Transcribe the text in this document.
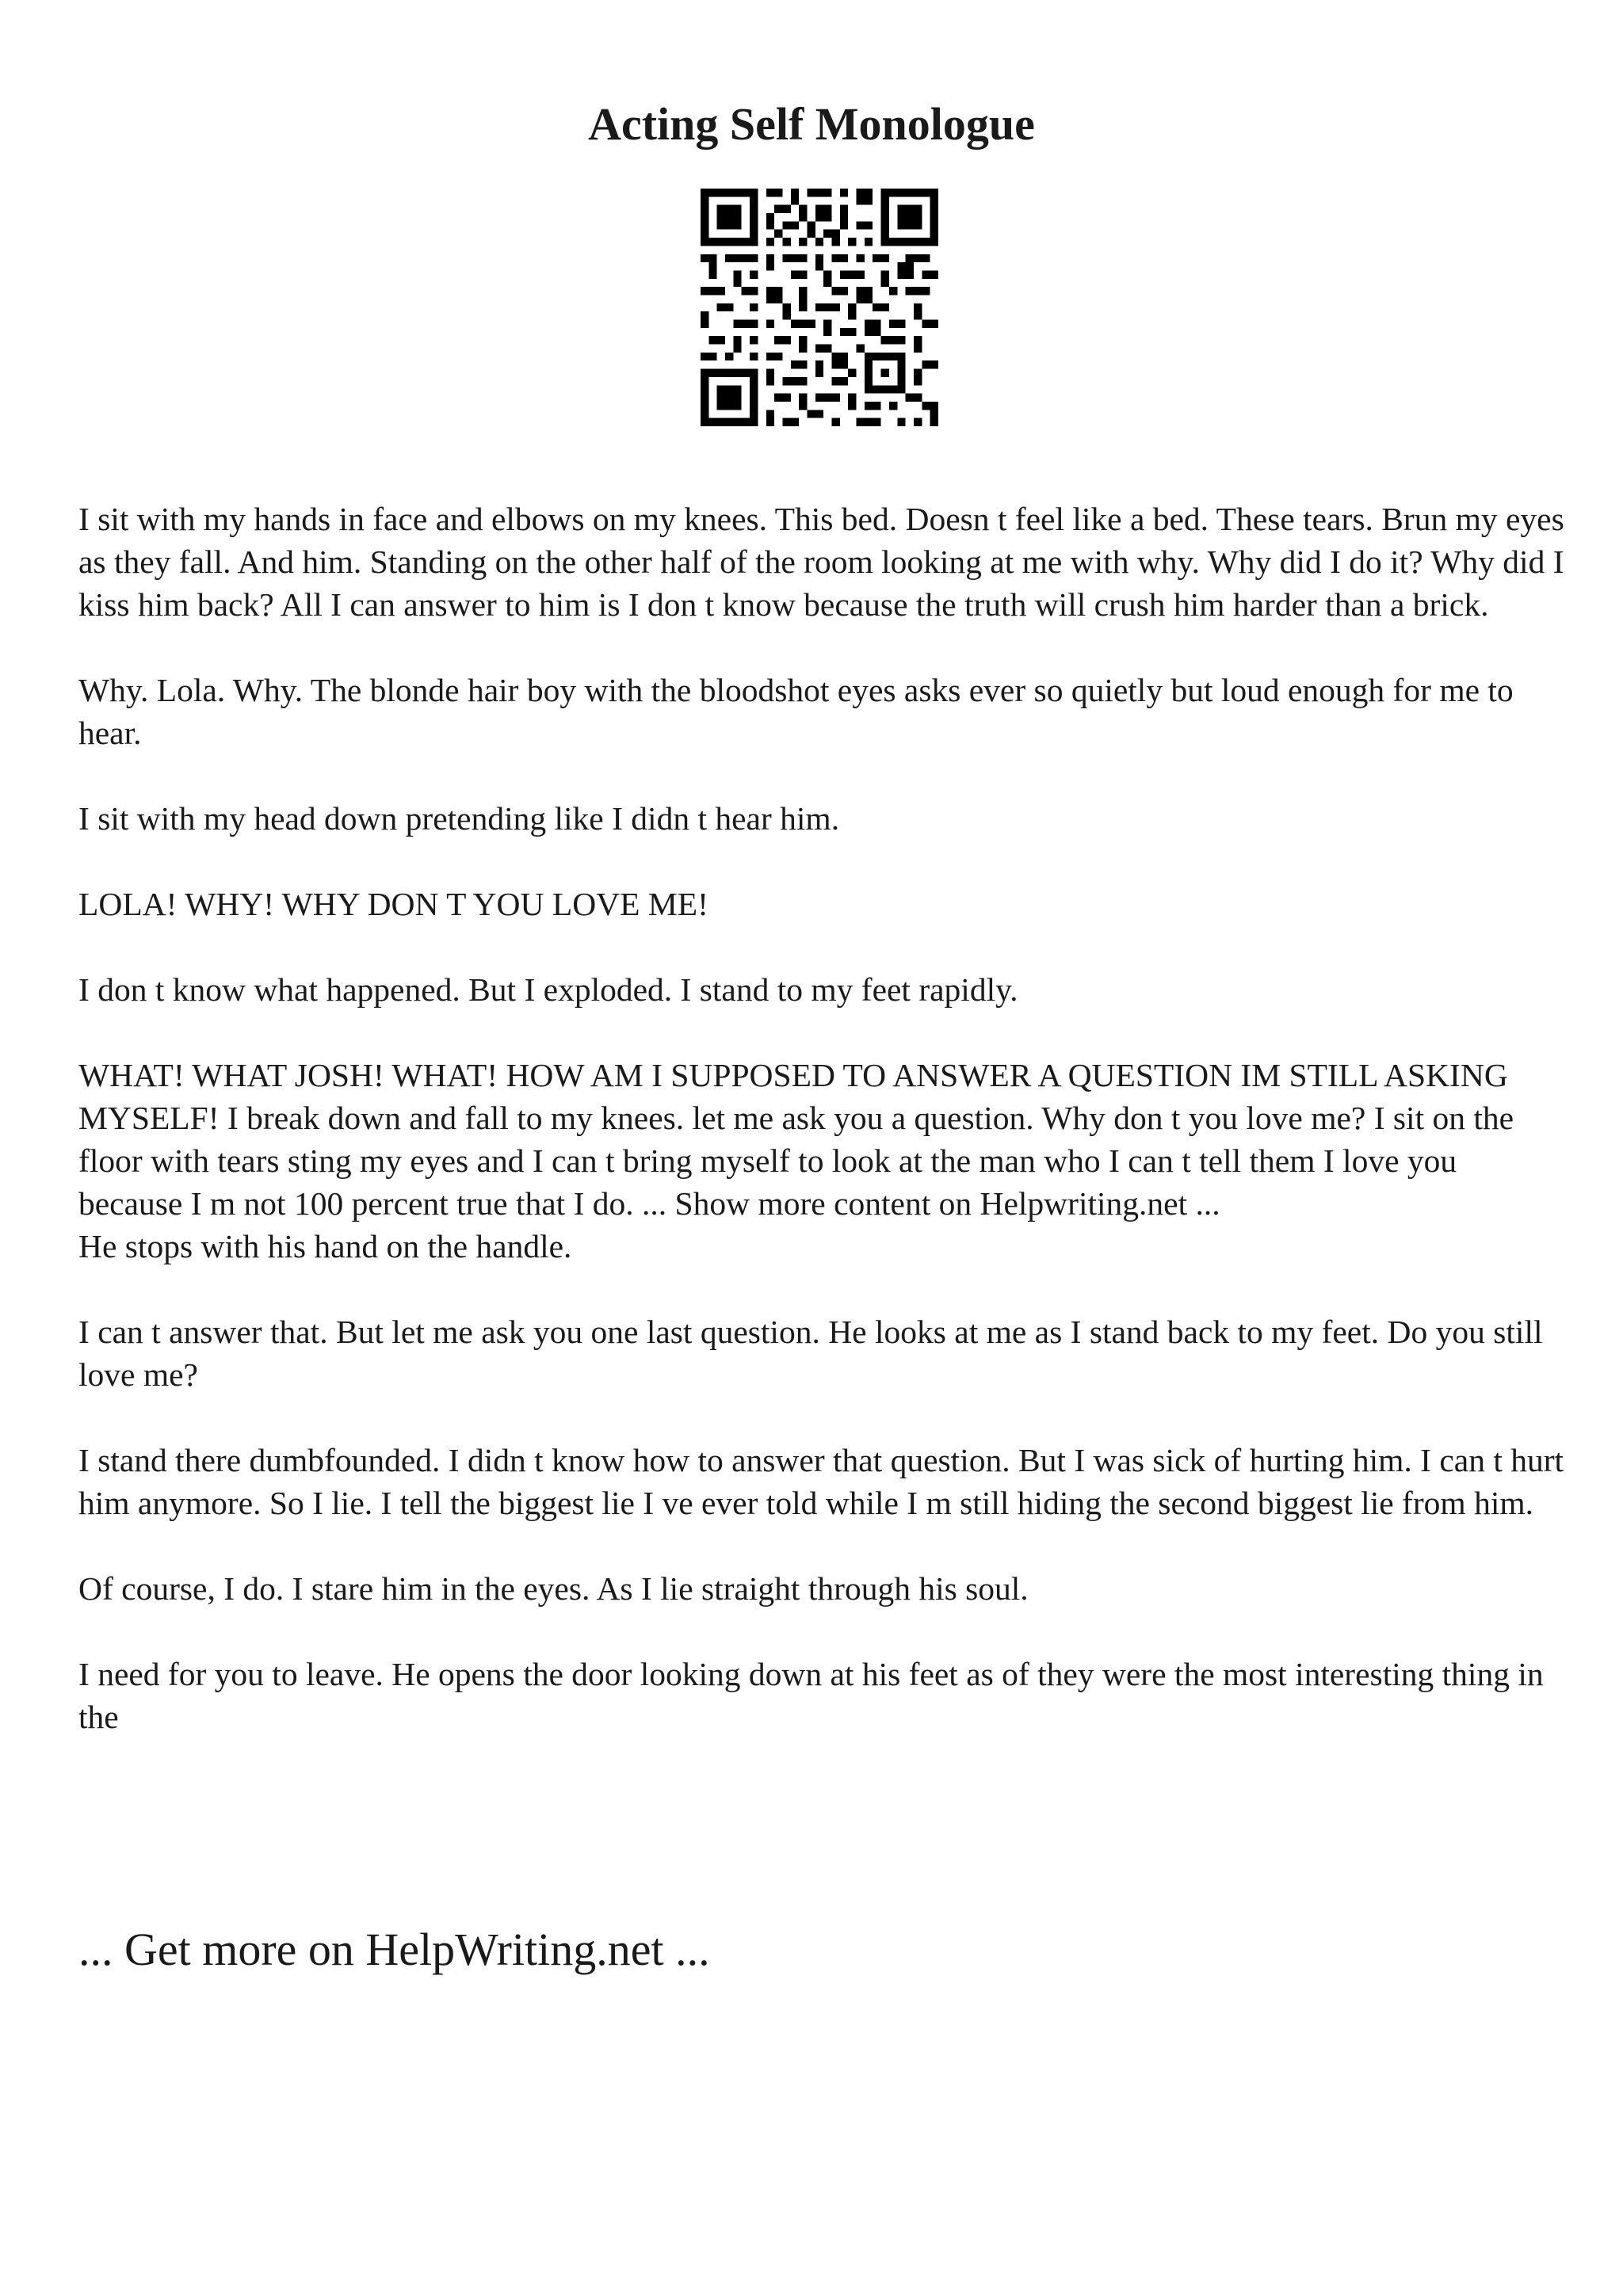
Acting Self Monologue

I sit with my hands in face and elbows on my knees. This bed. Doesn t feel like a bed. These tears. Brun my eyes as they fall. And him. Standing on the other half of the room looking at me with why. Why did I do it? Why did I kiss him back? All I can answer to him is I don t know because the truth will crush him harder than a brick.

Why. Lola. Why. The blonde hair boy with the bloodshot eyes asks ever so quietly but loud enough for me to hear.

I sit with my head down pretending like I didn t hear him.

LOLA! WHY! WHY DON T YOU LOVE ME!

I don t know what happened. But I exploded. I stand to my feet rapidly.

WHAT! WHAT JOSH! WHAT! HOW AM I SUPPOSED TO ANSWER A QUESTION IM STILL ASKING MYSELF! I break down and fall to my knees. let me ask you a question. Why don t you love me? I sit on the floor with tears sting my eyes and I can t bring myself to look at the man who I can t tell them I love you because I m not 100 percent true that I do. ... Show more content on Helpwriting.net ...

He stops with his hand on the handle.

I can t answer that. But let me ask you one last question. He looks at me as I stand back to my feet. Do you still love me?

I stand there dumbfounded. I didn t know how to answer that question. But I was sick of hurting him. I can t hurt him anymore. So I lie. I tell the biggest lie I ve ever told while I m still hiding the second biggest lie from him.

Of course, I do. I stare him in the eyes. As I lie straight through his soul.

I need for you to leave. He opens the door looking down at his feet as of they were the most interesting thing in the

... Get more on HelpWriting.net ...
